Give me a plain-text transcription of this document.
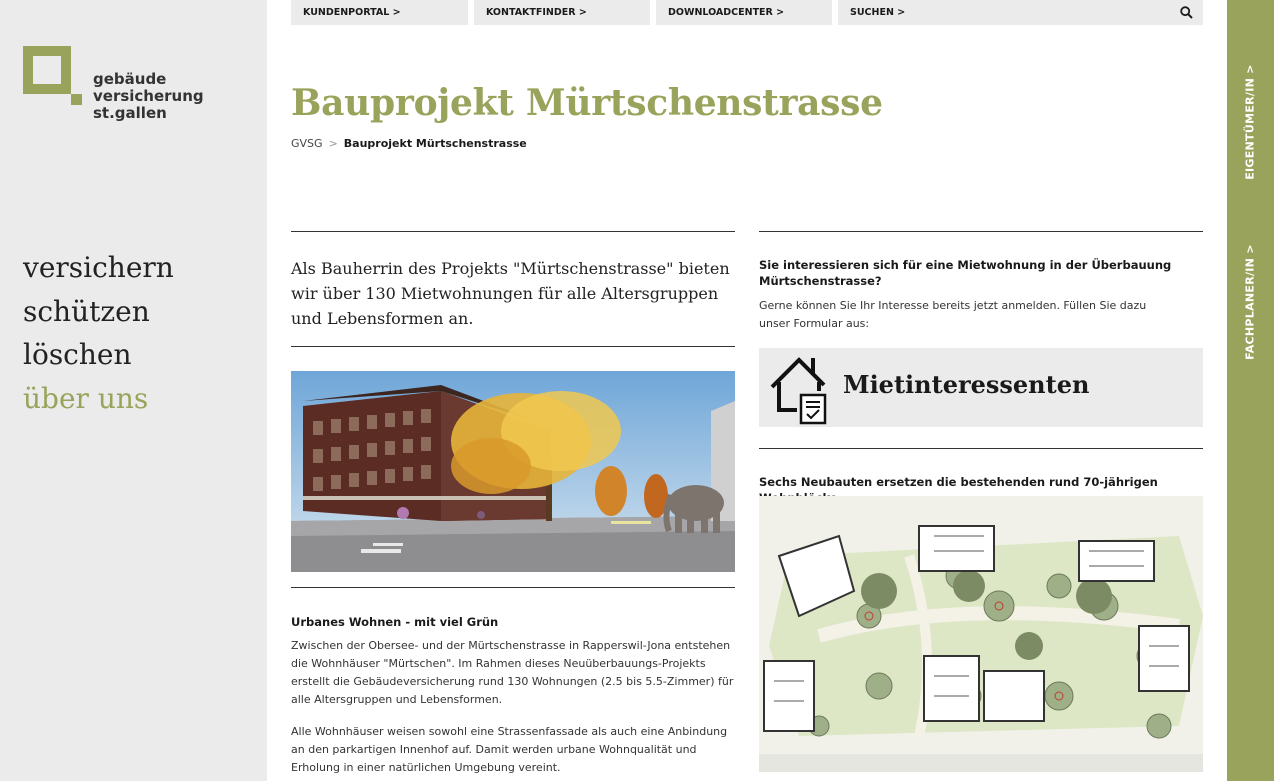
gebäude
versicherung
st.gallen
versichern
schützen
löschen
über uns
KUNDENPORTAL >	KONTAKTFINDER >	DOWNLOADCENTER >	SUCHEN >
EIGENTÜMER/IN >
FACHPLANER/IN >
Bauprojekt Mürtschenstrasse
GVSG > Bauprojekt Mürtschenstrasse
Als Bauherrin des Projekts "Mürtschenstrasse" bieten wir über 130 Mietwohnungen für alle Altersgruppen und Lebensformen an.
Urbanes Wohnen - mit viel Grün
Zwischen der Obersee- und der Mürtschenstrasse in Rapperswil-Jona entstehen die Wohnhäuser "Mürtschen". Im Rahmen dieses Neuüberbauungs-Projekts erstellt die Gebäudeversicherung rund 130 Wohnungen (2.5 bis 5.5-Zimmer) für alle Altersgruppen und Lebensformen.
Alle Wohnhäuser weisen sowohl eine Strassenfassade als auch eine Anbindung an den parkartigen Innenhof auf. Damit werden urbane Wohnqualität und Erholung in einer natürlichen Umgebung vereint.
Sie interessieren sich für eine Mietwohnung in der Überbauung Mürtschenstrasse?
Gerne können Sie Ihr Interesse bereits jetzt anmelden. Füllen Sie dazu unser Formular aus:
Mietinteressenten
Sechs Neubauten ersetzen die bestehenden rund 70-jährigen
